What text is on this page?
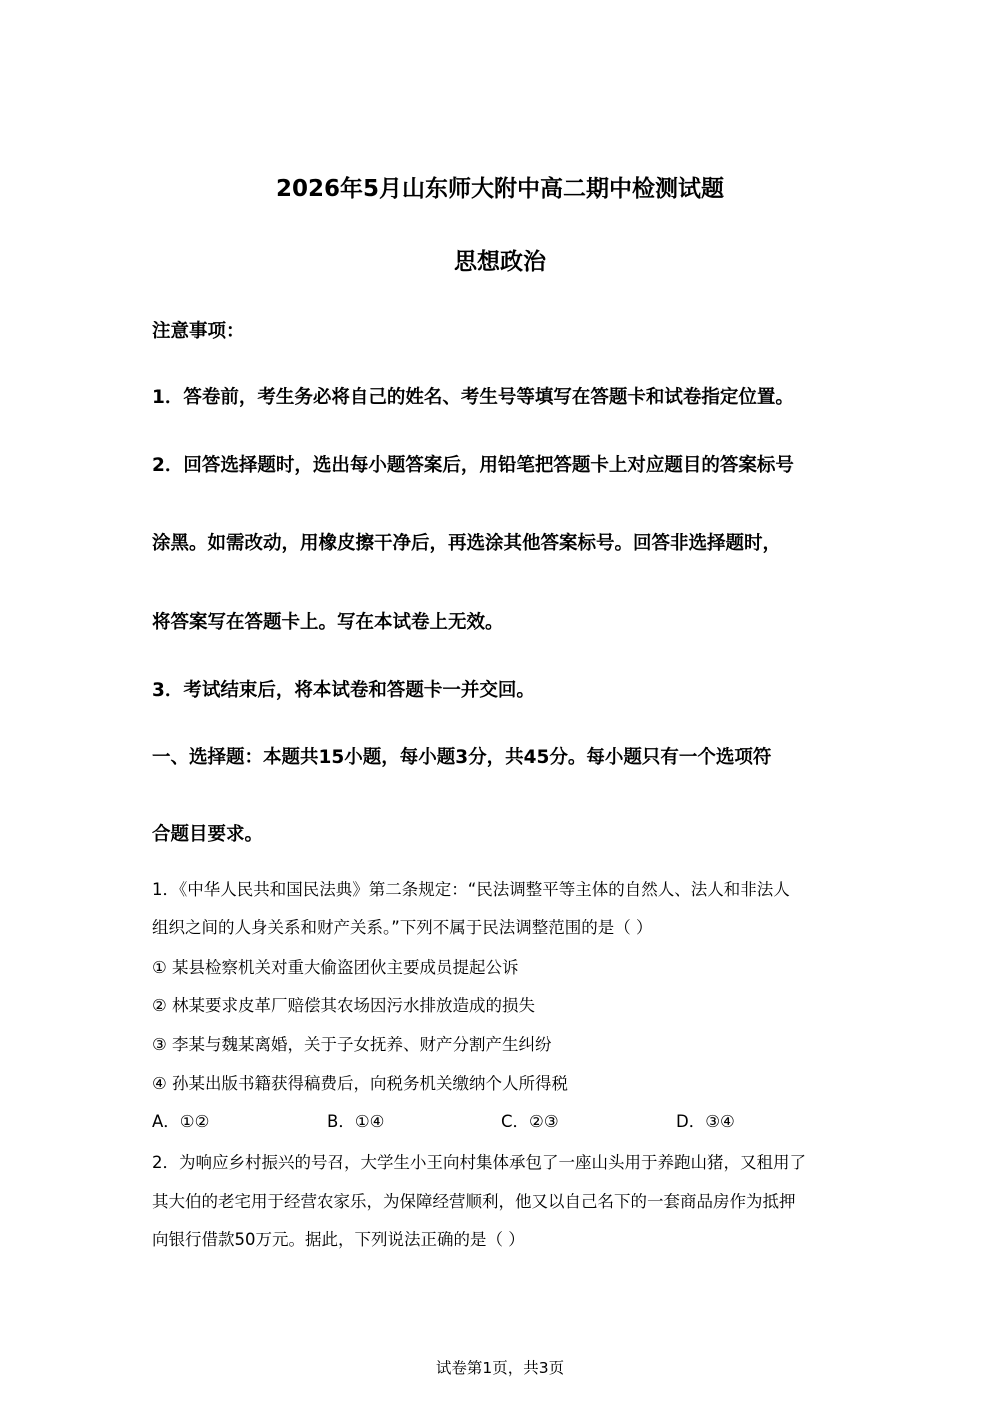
2026年5月山东师大附中高二期中检测试题
思想政治
注意事项：
1．答卷前，考生务必将自己的姓名、考生号等填写在答题卡和试卷指定位置。
2．回答选择题时，选出每小题答案后，用铅笔把答题卡上对应题目的答案标号
涂黑。如需改动，用橡皮擦干净后，再选涂其他答案标号。回答非选择题时，
将答案写在答题卡上。写在本试卷上无效。
3．考试结束后，将本试卷和答题卡一并交回。
一、选择题：本题共15小题，每小题3分，共45分。每小题只有一个选项符
合题目要求。
1．《中华人民共和国民法典》第二条规定：“民法调整平等主体的自然人、法人和非法人
组织之间的人身关系和财产关系。”下列不属于民法调整范围的是（ ）
① 某县检察机关对重大偷盗团伙主要成员提起公诉
② 林某要求皮革厂赔偿其农场因污水排放造成的损失
③ 李某与魏某离婚，关于子女抚养、财产分割产生纠纷
④ 孙某出版书籍获得稿费后，向税务机关缴纳个人所得税
A．①②	B．①④	C．②③	D．③④
2．为响应乡村振兴的号召，大学生小王向村集体承包了一座山头用于养跑山猪，又租用了
其大伯的老宅用于经营农家乐，为保障经营顺利，他又以自己名下的一套商品房作为抵押
向银行借款50万元。据此，下列说法正确的是（ ）
试卷第1页，共3页
